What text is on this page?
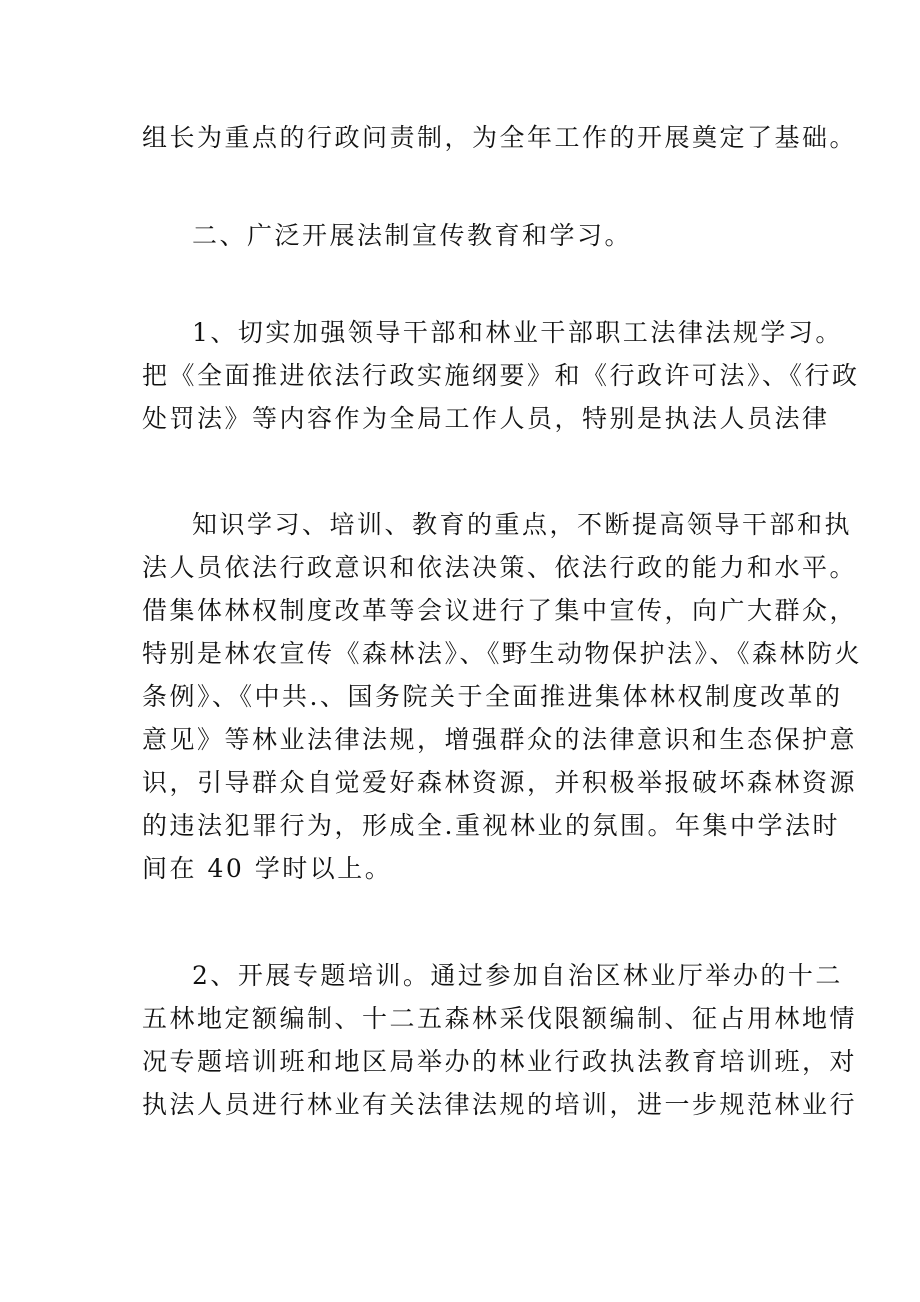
组长为重点的行政问责制，为全年工作的开展奠定了基础。
二、广泛开展法制宣传教育和学习。
1、切实加强领导干部和林业干部职工法律法规学习。
把《全面推进依法行政实施纲要》和《行政许可法》、《行政
处罚法》等内容作为全局工作人员，特别是执法人员法律
知识学习、培训、教育的重点，不断提高领导干部和执
法人员依法行政意识和依法决策、依法行政的能力和水平。
借集体林权制度改革等会议进行了集中宣传，向广大群众，
特别是林农宣传《森林法》、《野生动物保护法》、《森林防火
条例》、《中共.、国务院关于全面推进集体林权制度改革的
意见》等林业法律法规，增强群众的法律意识和生态保护意
识，引导群众自觉爱好森林资源，并积极举报破坏森林资源
的违法犯罪行为，形成全.重视林业的氛围。年集中学法时
间在 40 学时以上。
2、开展专题培训。通过参加自治区林业厅举办的十二
五林地定额编制、十二五森林采伐限额编制、征占用林地情
况专题培训班和地区局举办的林业行政执法教育培训班，对
执法人员进行林业有关法律法规的培训，进一步规范林业行
